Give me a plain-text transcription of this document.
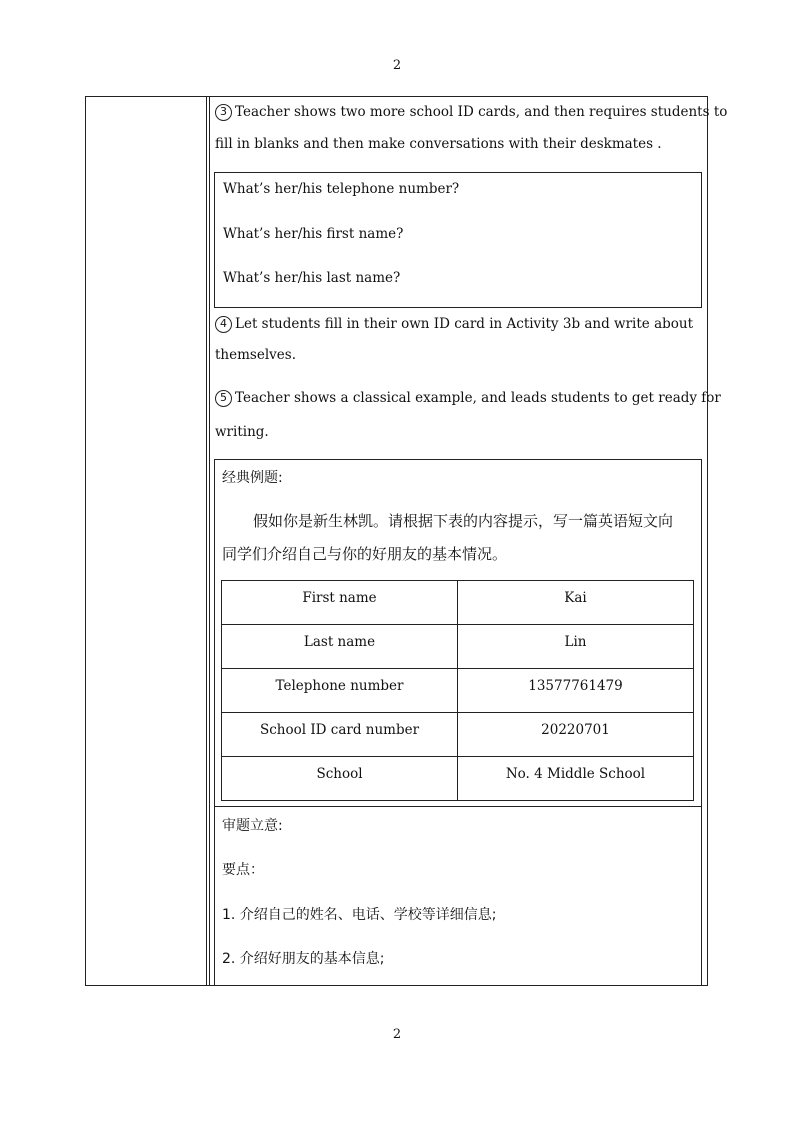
2
3 Teacher shows two more school ID cards, and then requires students to
fill in blanks and then make conversations with their deskmates .
What’s her/his telephone number?
What’s her/his first name?
What’s her/his last name?
4 Let students fill in their own ID card in Activity 3b and write about
themselves.
5 Teacher shows a classical example, and leads students to get ready for
writing.
经典例题:
假如你是新生林凯。请根据下表的内容提示，写一篇英语短文向
同学们介绍自己与你的好朋友的基本情况。
First name	Kai
Last name	Lin
Telephone number	13577761479
School ID card number	20220701
School	No. 4 Middle School
审题立意:
要点：
1. 介绍自己的姓名、电话、学校等详细信息;
2. 介绍好朋友的基本信息;
2
